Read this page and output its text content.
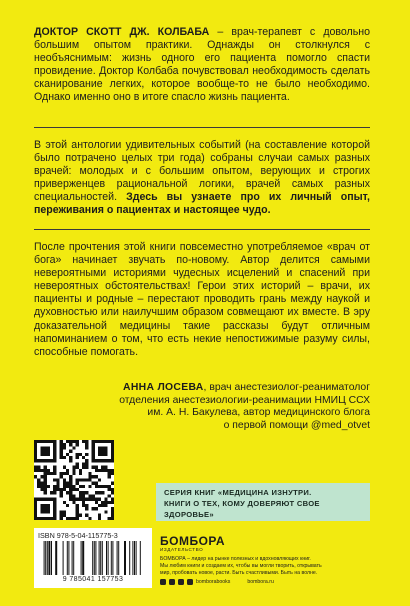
ДОКТОР СКОТТ ДЖ. КОЛБАБА – врач-терапевт с довольно большим опытом практики. Однажды он столкнулся с необъяснимым: жизнь одного его пациента помогло спасти провидение. Доктор Колбаба почувствовал необходимость сделать сканирование легких, которое вообще-то не было необходимо. Однако именно оно в итоге спасло жизнь пациента.
В этой антологии удивительных событий (на составление которой было потрачено целых три года) собраны случаи самых разных врачей: молодых и с большим опытом, верующих и строгих приверженцев рациональной логики, врачей самых разных специальностей. Здесь вы узнаете про их личный опыт, переживания о пациентах и настоящее чудо.
После прочтения этой книги повсеместно употребляемое «врач от бога» начинает звучать по-новому. Автор делится самыми невероятными историями чудесных исцелений и спасений при невероятных обстоятельствах! Герои этих историй – врачи, их пациенты и родные – перестают проводить грань между наукой и духовностью или наилучшим образом совмещают их вместе. В эру доказательной медицины такие рассказы будут отличным напоминанием о том, что есть некие непостижимые разуму силы, способные помогать.
АННА ЛОСЕВА, врач анестезиолог-реаниматолог
отделения анестезиологии-реанимации НМИЦ ССХ
им. А. Н. Бакулева, автор медицинского блога
о первой помощи @med_otvet
СЕРИЯ КНИГ «МЕДИЦИНА ИЗНУТРИ.
КНИГИ О ТЕХ, КОМУ ДОВЕРЯЮТ СВОЕ ЗДОРОВЬЕ»
ISBN 978-5-04-115775-3
9 785041 157753
БОМБОРА
ИЗДАТЕЛЬСТВО
БОМБОРА – лидер на рынке полезных и вдохновляющих книг.
Мы любим книги и создаем их, чтобы вы могли творить, открывать
мир, пробовать новое, расти. Быть счастливыми. Быть на волне.
bomborabooks	bombora.ru
